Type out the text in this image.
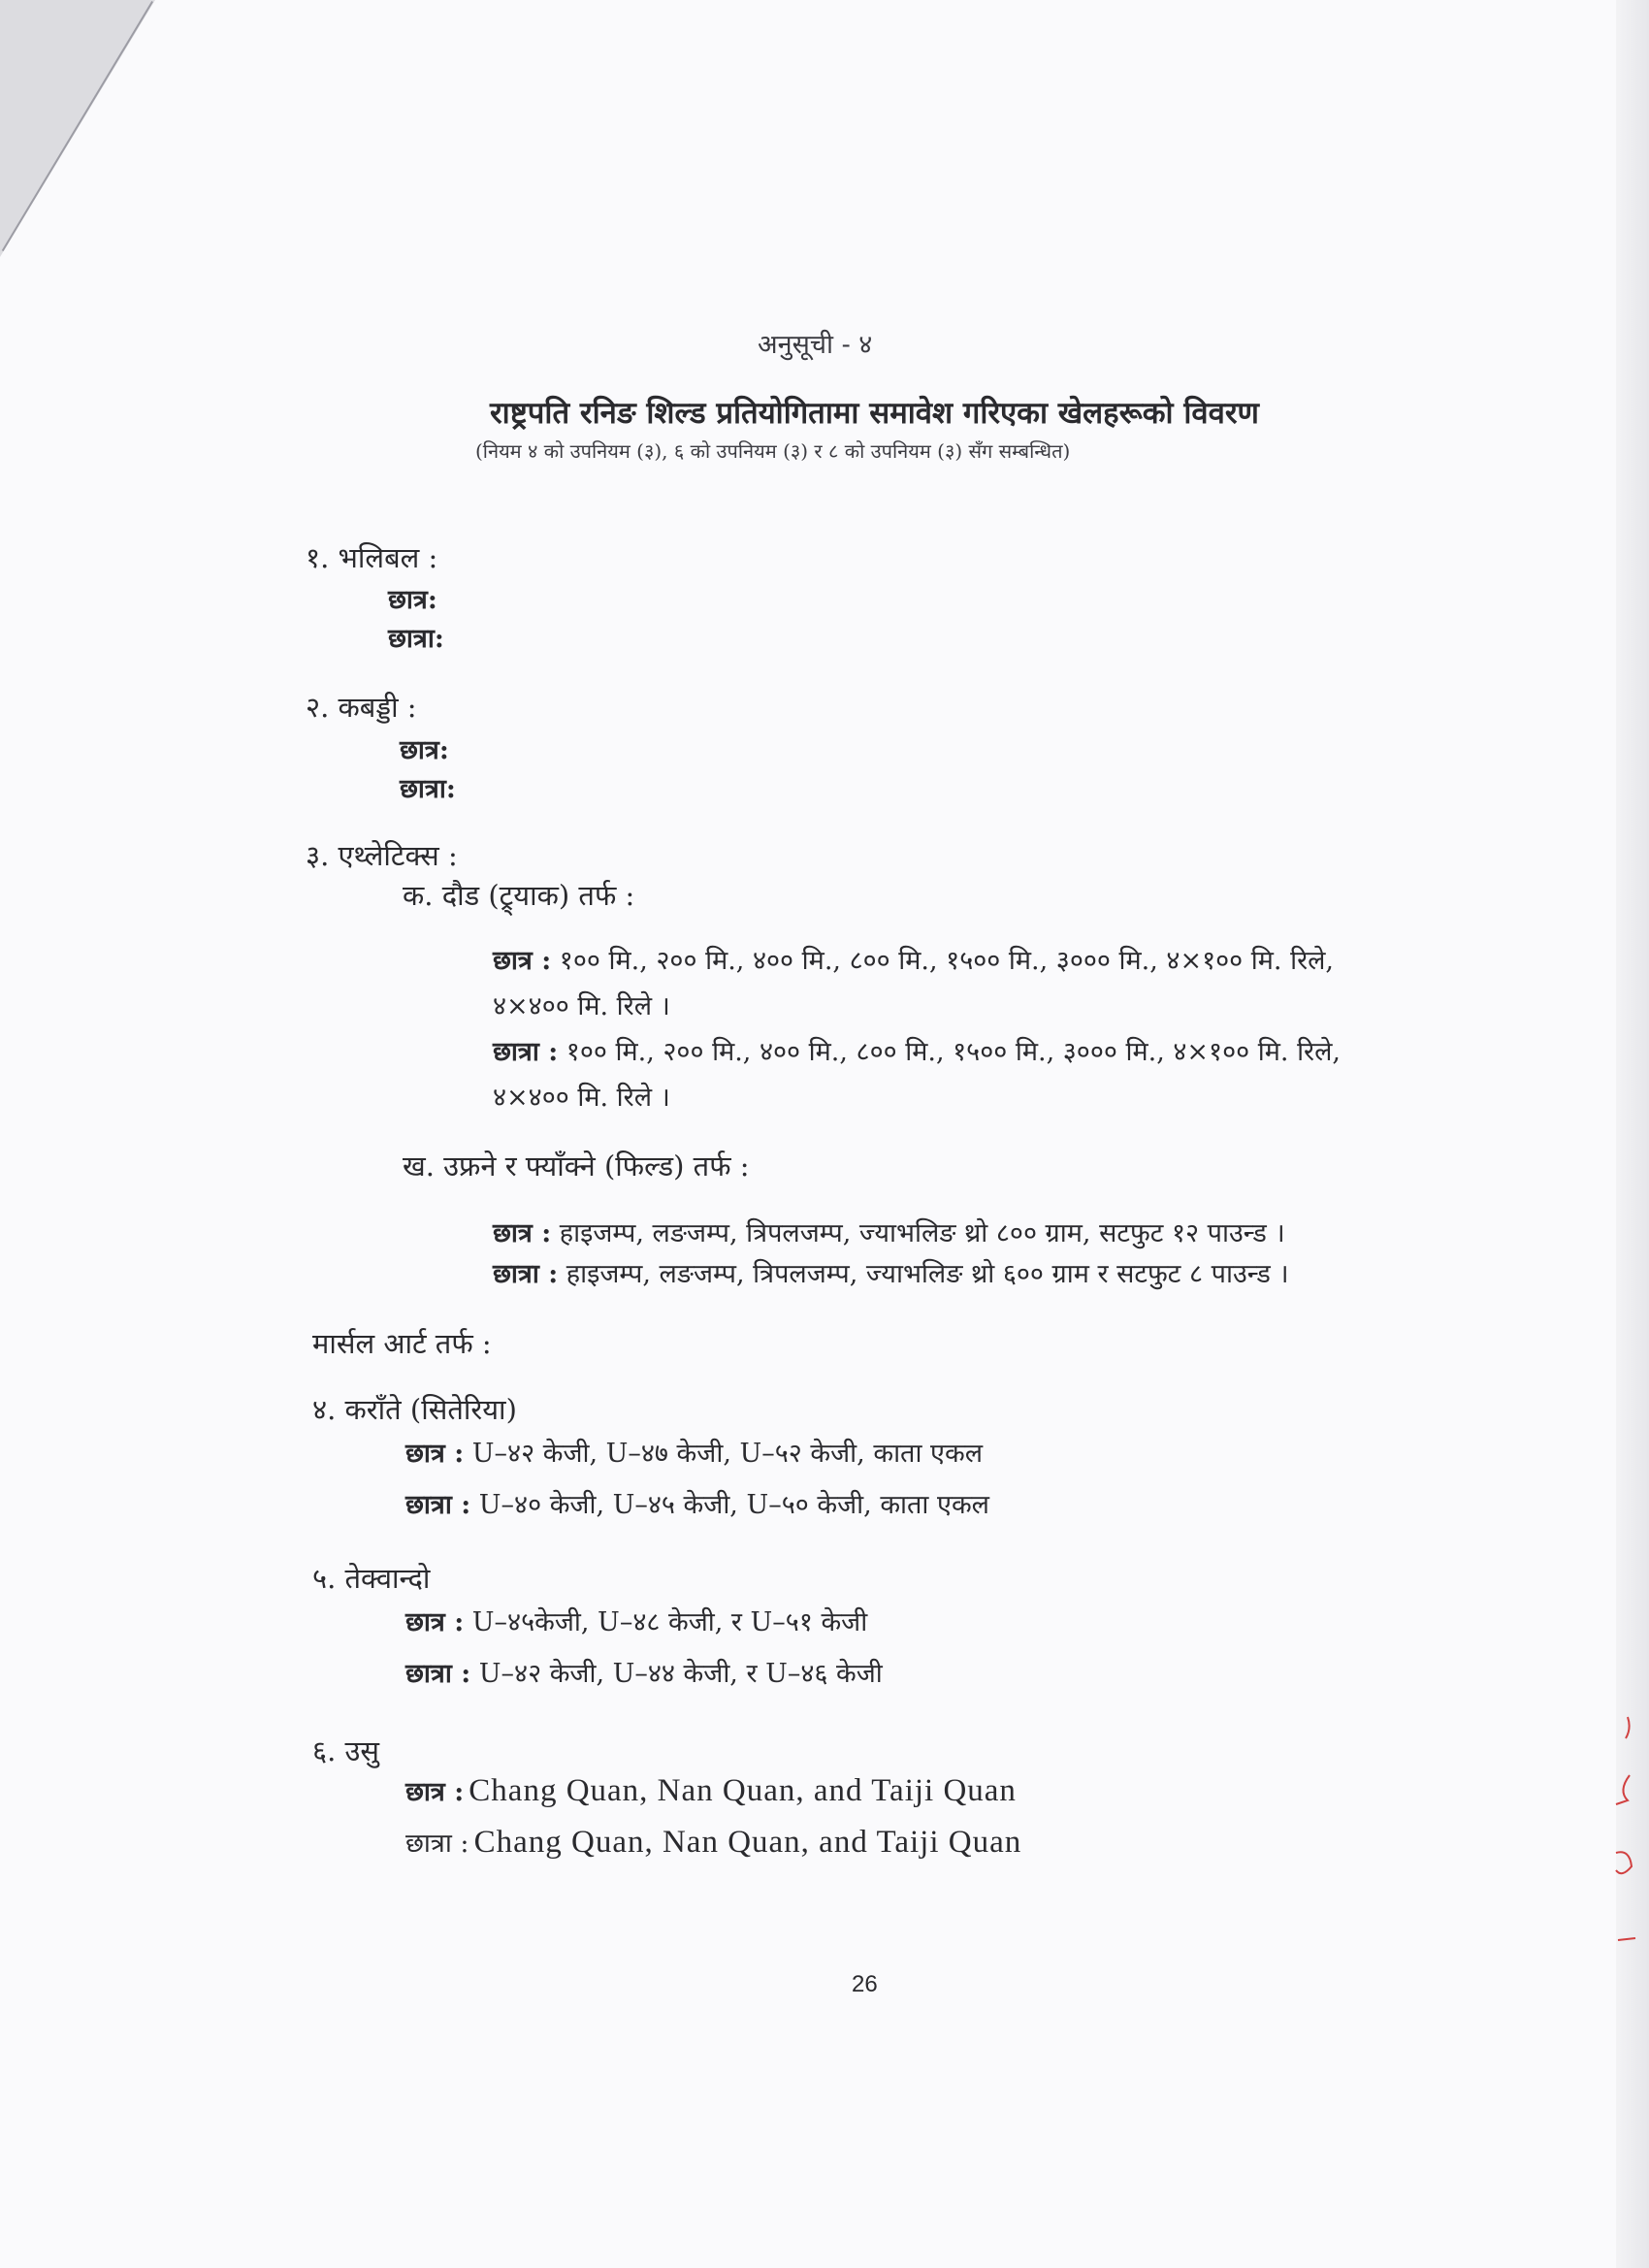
अनुसूची - ४
राष्ट्रपति रनिङ शिल्ड प्रतियोगितामा समावेश गरिएका खेलहरूको विवरण
(नियम ४ को उपनियम (३), ६ को उपनियम (३) र ८ को उपनियम (३) सँग सम्बन्धित)
१. भलिबल :
छात्र:
छात्रा:
२. कबड्डी :
छात्र:
छात्रा:
३. एथ्लेटिक्स :
क. दौड (ट्र्याक) तर्फ :
छात्र : १०० मि., २०० मि., ४०० मि., ८०० मि., १५०० मि., ३००० मि., ४×१०० मि. रिले,
४×४०० मि. रिले ।
छात्रा : १०० मि., २०० मि., ४०० मि., ८०० मि., १५०० मि., ३००० मि., ४×१०० मि. रिले,
४×४०० मि. रिले ।
ख. उफ्रने र फ्याँक्ने (फिल्ड) तर्फ :
छात्र : हाइजम्प, लङजम्प, त्रिपलजम्प, ज्याभलिङ थ्रो ८०० ग्राम, सटफुट १२ पाउन्ड ।
छात्रा : हाइजम्प, लङजम्प, त्रिपलजम्प, ज्याभलिङ थ्रो ६०० ग्राम र सटफुट ८ पाउन्ड ।
मार्सल आर्ट तर्फ :
४. कराँते (सितेरिया)
छात्र : U–४२ केजी, U–४७ केजी, U–५२ केजी, काता एकल
छात्रा : U–४० केजी, U–४५ केजी, U–५० केजी, काता एकल
५. तेक्वान्दो
छात्र : U–४५केजी, U–४८ केजी, र U–५१ केजी
छात्रा : U–४२ केजी, U–४४ केजी, र U–४६ केजी
६. उसु
छात्र : Chang Quan, Nan Quan, and Taiji Quan
छात्रा : Chang Quan, Nan Quan, and Taiji Quan
26
